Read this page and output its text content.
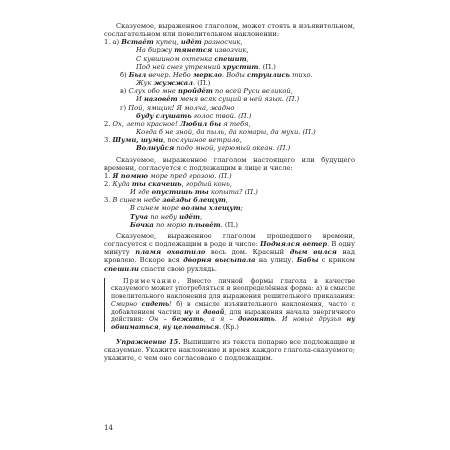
Сказуемое, выраженное глаголом, может стоять в изъявительном, сослагательном или повелительном наклонении:

1. а) Встаёт купец, идёт разносчик,
На биржу тянется извозчик,
С кувшином охтенка спешит,
Под ней снег утренний хрустит. (П.)
б) Был вечер. Небо меркло. Воды струились тихо.
Жук жужжал. (П.)
в) Слух обо мне пройдёт по всей Руси великой,
И назовёт меня всяк сущий в ней язык. (П.)
г) Пой, ямщик! Я молча, жадно
буду слушать голос твой. (П.)
2. Ох, лето красное! Любил бы я тебя,
Когда б не зной, да пыль, да комары, да мухи. (П.)
3. Шуми, шуми, послушное ветрило,
Волнуйся подо мной, угрюмый океан. (П.)

Сказуемое, выраженное глаголом настоящего или будущего времени, согласуется с подлежащим в лице и числе:

1. Я помню море пред грозою. (П.)
2. Куда ты скачешь, гордый конь,
И где опустишь ты копыта? (П.)
3. В синем небе звёзды блещут,
В синем море волны хлещут;
Туча по небу идёт,
Бочка по морю плывёт. (П.)

Сказуемое, выраженное глаголом прошедшего времени, согласуется с подлежащим в роде и числе: Поднялся ветер. В одну минуту пламя охватило весь дом. Красный дым вился над кровлею. Вскоре вся дворня высыпала на улицу. Бабы с криком спешили спасти свою рухлядь.

Примечание. Вместо личной формы глагола в качестве сказуемого может употребляться и неопределённая форма: а) в смысле повелительного наклонения для выражения решительного приказания: Смирно сидеть! б) в смысле изъявительного наклонения, часто с добавлением частиц ну и давай, для выражения начала энергичного действия: Он – бежать, а я – догонять. И новые друзья ну обниматься, ну целоваться. (Кр.)

Упражнение 15. Выпишите из текста попарно все подлежащие и сказуемые. Укажите наклонение и время каждого глагола-сказуемого; укажите, с чем оно согласовано с подлежащим.

14
